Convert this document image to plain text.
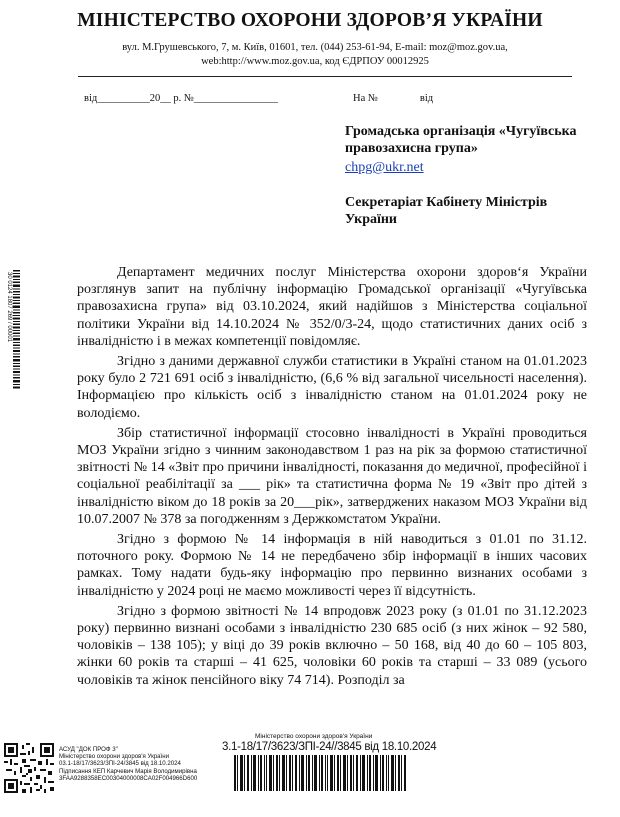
МІНІСТЕРСТВО ОХОРОНИ ЗДОРОВ’Я УКРАЇНИ
вул. М.Грушевського, 7, м. Київ, 01601, тел. (044) 253-61-94, E-mail: moz@moz.gov.ua,
web:http://www.moz.gov.ua, код ЄДРПОУ 00012925
від__________20__ р. №________________	На №                від
Громадська організація «Чугуївська правозахисна група»
chpg@ukr.net
Секретаріат Кабінету Міністрів України
30 0124 1807 269 / 00001	Департамент медичних послуг Міністерства охорони здоров‘я України розглянув запит на публічну інформацію Громадської організації «Чугуївська правозахисна група» від 03.10.2024, який надійшов з Міністерства соціальної політики України від 14.10.2024 № 352/0/3-24, щодо статистичних даних осіб з інвалідністю і в межах компетенції повідомляє.

Згідно з даними державної служби статистики в Україні станом на 01.01.2023 року було 2 721 691 осіб з інвалідністю, (6,6 % від загальної чисельності населення). Інформацією про кількість осіб з інвалідністю станом на 01.01.2024 року не володіємо.

Збір статистичної інформації стосовно інвалідності в Україні проводиться МОЗ України згідно з чинним законодавством 1 раз на рік за формою статистичної звітності № 14 «Звіт про причини інвалідності, показання до медичної, професійної і соціальної реабілітації за ___ рік» та статистична форма № 19 «Звіт про дітей з інвалідністю віком до 18 років за 20___рік», затверджених наказом МОЗ України від 10.07.2007 № 378 за погодженням з Держкомстатом України.

Згідно з формою № 14 інформація в ній наводиться з 01.01 по 31.12. поточного року. Формою № 14 не передбачено збір інформації в інших часових рамках. Тому надати будь-яку інформацію про первинно визнаних особами з інвалідністю у 2024 році не маємо можливості через її відсутність.

Згідно з формою звітності № 14 впродовж 2023 року (з 01.01 по 31.12.2023 року) первинно визнані особами з інвалідністю 230 685 осіб (з них жінок – 92 580, чоловіків – 138 105); у віці до 39 років включно – 50 168, від 40 до 60 – 105 803, жінки 60 років та старші – 41 625, чоловіки 60 років та старші – 33 089 (усього чоловіків та жінок пенсійного віку 74 714). Розподіл за

АСУД "ДОК ПРОФ 3"
Міністерство охорони здоров'я України
03.1-18/17/3623/ЗПІ-24/3845 від 18.10.2024
Підписання КЕП Карчевич Марія Володимирівна
3FAA9288358EC00304000008CA02F004966D600
Міністерство охорони здоров'я України
3.1-18/17/3623/ЗПІ-24//3845 від 18.10.2024
